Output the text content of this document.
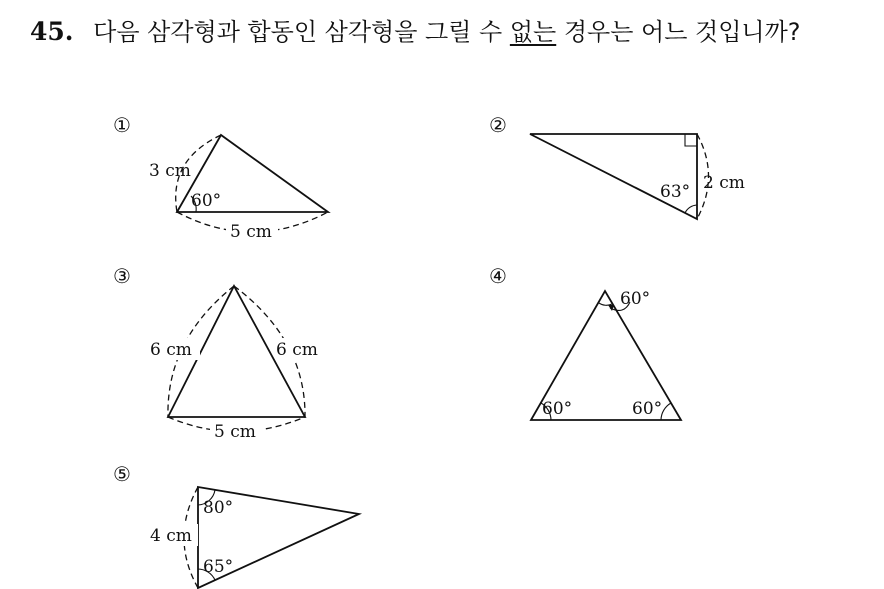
45. 다음 삼각형과 합동인 삼각형을 그릴 수 없는 경우는 어느 것입니까?
①
3 cm
60°
5 cm
②
63° 2 cm
③
6 cm	6 cm
5 cm
④
60°
60°	60°
⑤
80°
4 cm
65°
